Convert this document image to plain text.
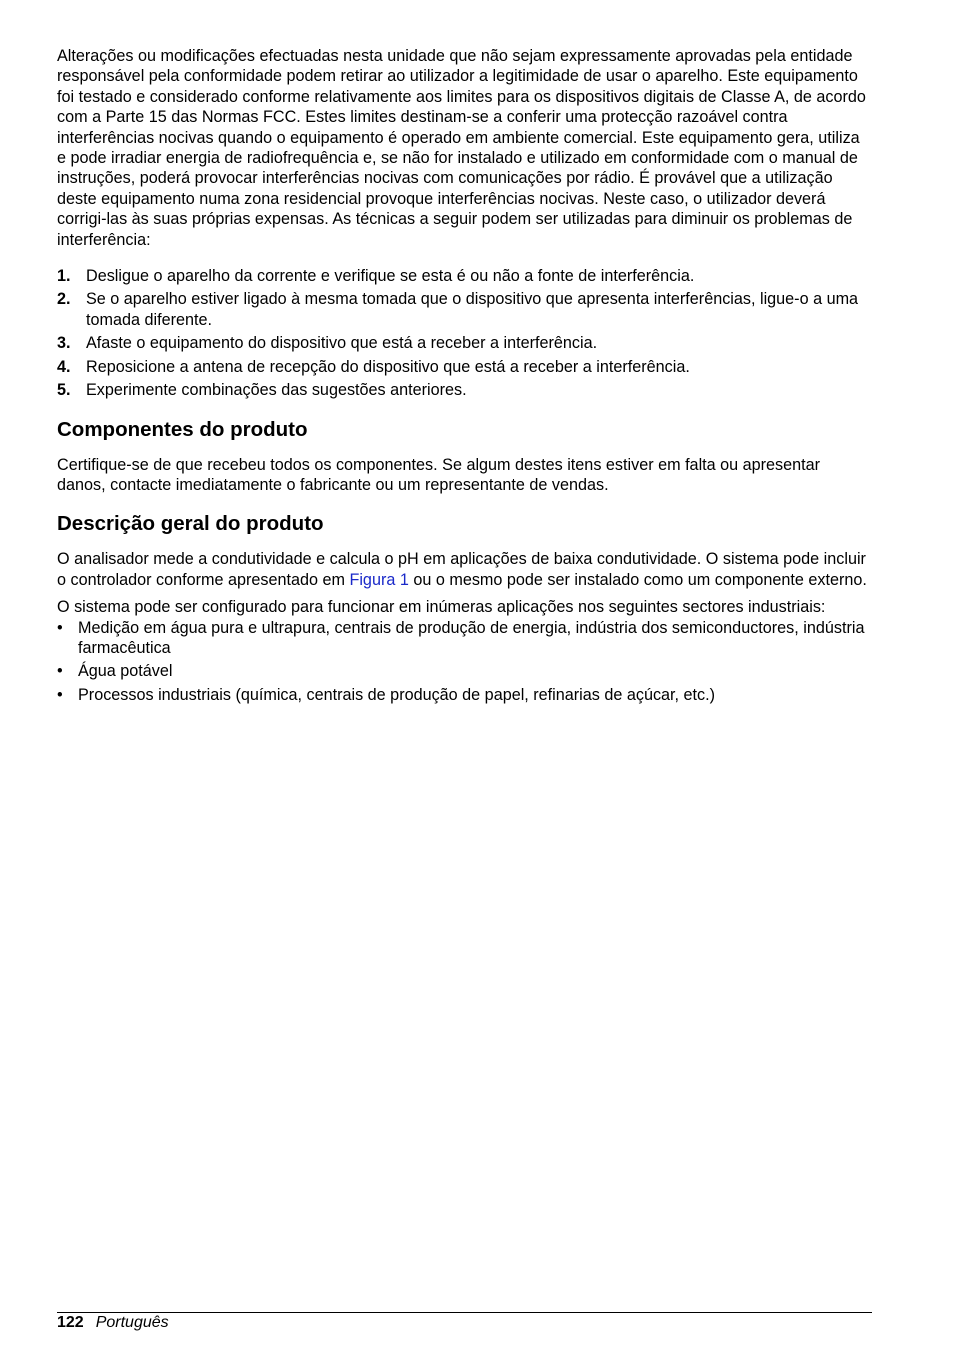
Alterações ou modificações efectuadas nesta unidade que não sejam expressamente aprovadas pela entidade responsável pela conformidade podem retirar ao utilizador a legitimidade de usar o aparelho. Este equipamento foi testado e considerado conforme relativamente aos limites para os dispositivos digitais de Classe A, de acordo com a Parte 15 das Normas FCC. Estes limites destinam-se a conferir uma protecção razoável contra interferências nocivas quando o equipamento é operado em ambiente comercial. Este equipamento gera, utiliza e pode irradiar energia de radiofrequência e, se não for instalado e utilizado em conformidade com o manual de instruções, poderá provocar interferências nocivas com comunicações por rádio. É provável que a utilização deste equipamento numa zona residencial provoque interferências nocivas. Neste caso, o utilizador deverá corrigi-las às suas próprias expensas. As técnicas a seguir podem ser utilizadas para diminuir os problemas de interferência:

1. Desligue o aparelho da corrente e verifique se esta é ou não a fonte de interferência.
2. Se o aparelho estiver ligado à mesma tomada que o dispositivo que apresenta interferências, ligue-o a uma tomada diferente.
3. Afaste o equipamento do dispositivo que está a receber a interferência.
4. Reposicione a antena de recepção do dispositivo que está a receber a interferência.
5. Experimente combinações das sugestões anteriores.
Componentes do produto

Certifique-se de que recebeu todos os componentes. Se algum destes itens estiver em falta ou apresentar danos, contacte imediatamente o fabricante ou um representante de vendas.

Descrição geral do produto

O analisador mede a condutividade e calcula o pH em aplicações de baixa condutividade. O sistema pode incluir o controlador conforme apresentado em Figura 1 ou o mesmo pode ser instalado como um componente externo.

O sistema pode ser configurado para funcionar em inúmeras aplicações nos seguintes sectores industriais:

• Medição em água pura e ultrapura, centrais de produção de energia, indústria dos semiconductores, indústria farmacêutica
• Água potável
• Processos industriais (química, centrais de produção de papel, refinarias de açúcar, etc.)
122 Português
